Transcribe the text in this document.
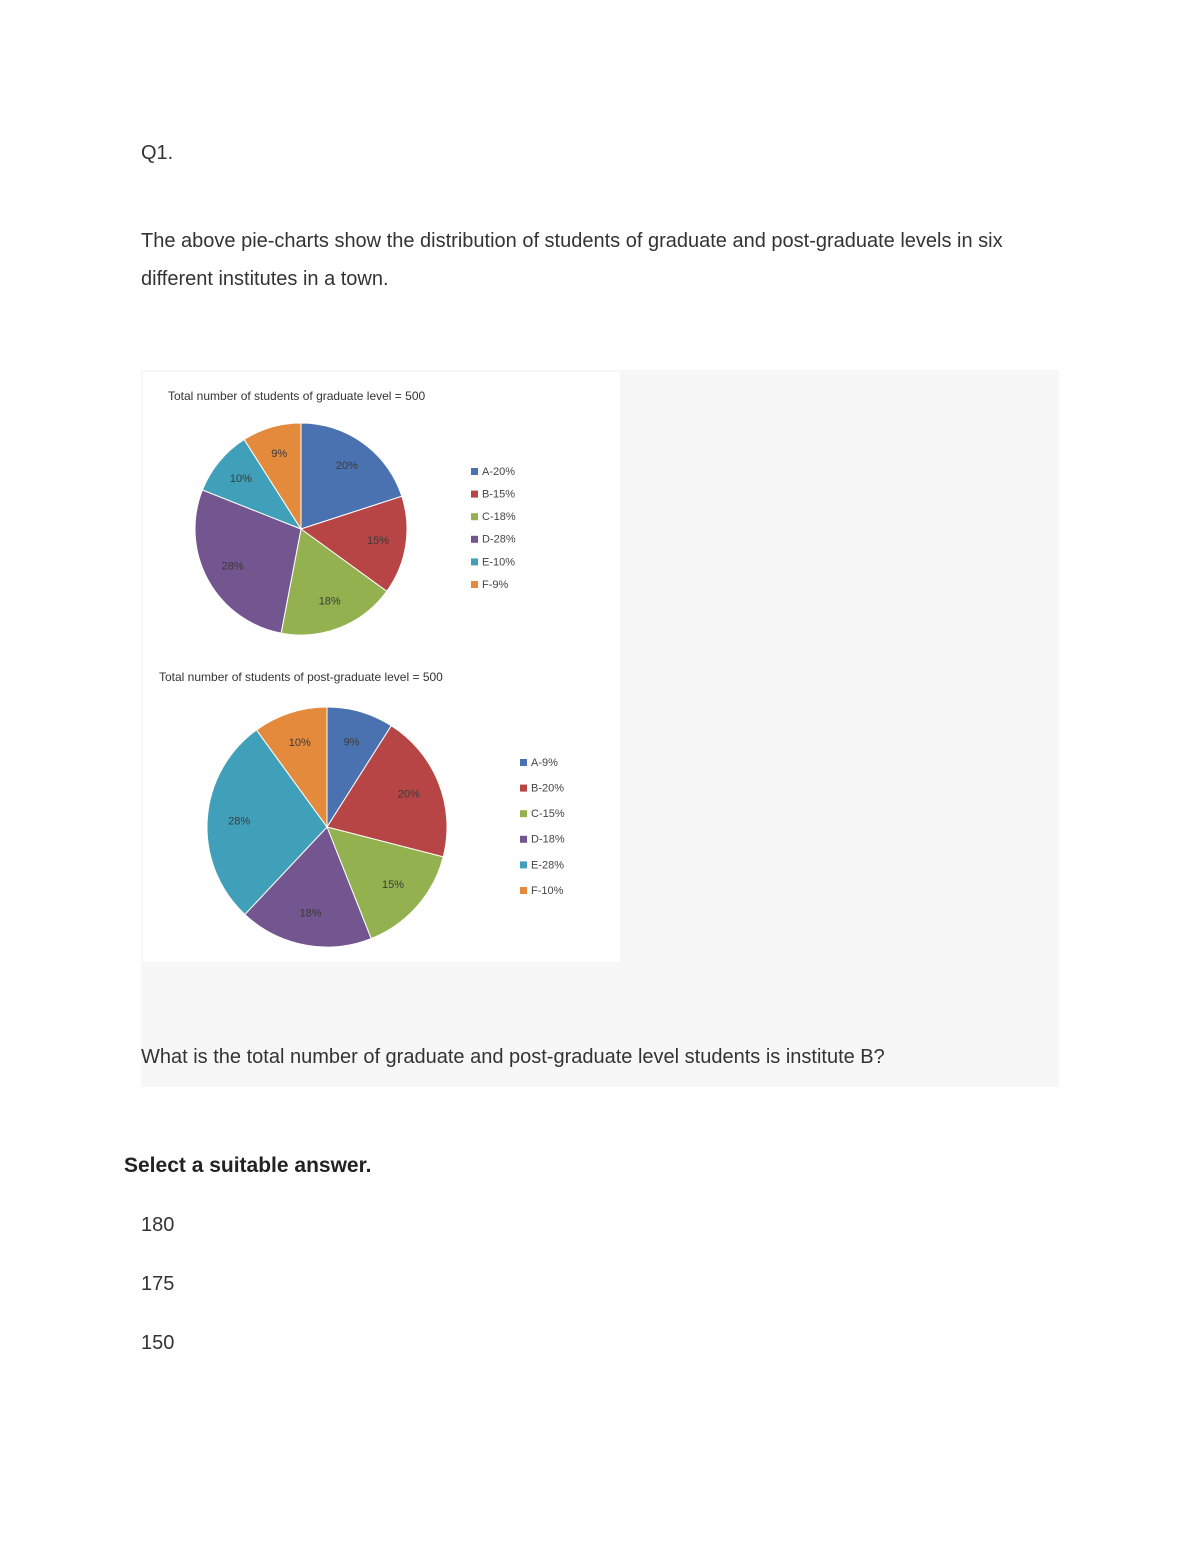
Q1.
The above pie-charts show the distribution of students of graduate and post-graduate levels in six different institutes in a town.
Total number of students of graduate level = 500
20%
15%
18%
28%
10%
9%
A-20%
B-15%
C-18%
D-28%
E-10%
F-9%
Total number of students of post-graduate level = 500
9%
20%
15%
18%
28%
10%
A-9%
B-20%
C-15%
D-18%
E-28%
F-10%
What is the total number of graduate and post-graduate level students is institute B?
Select a suitable answer.
180
175
150
